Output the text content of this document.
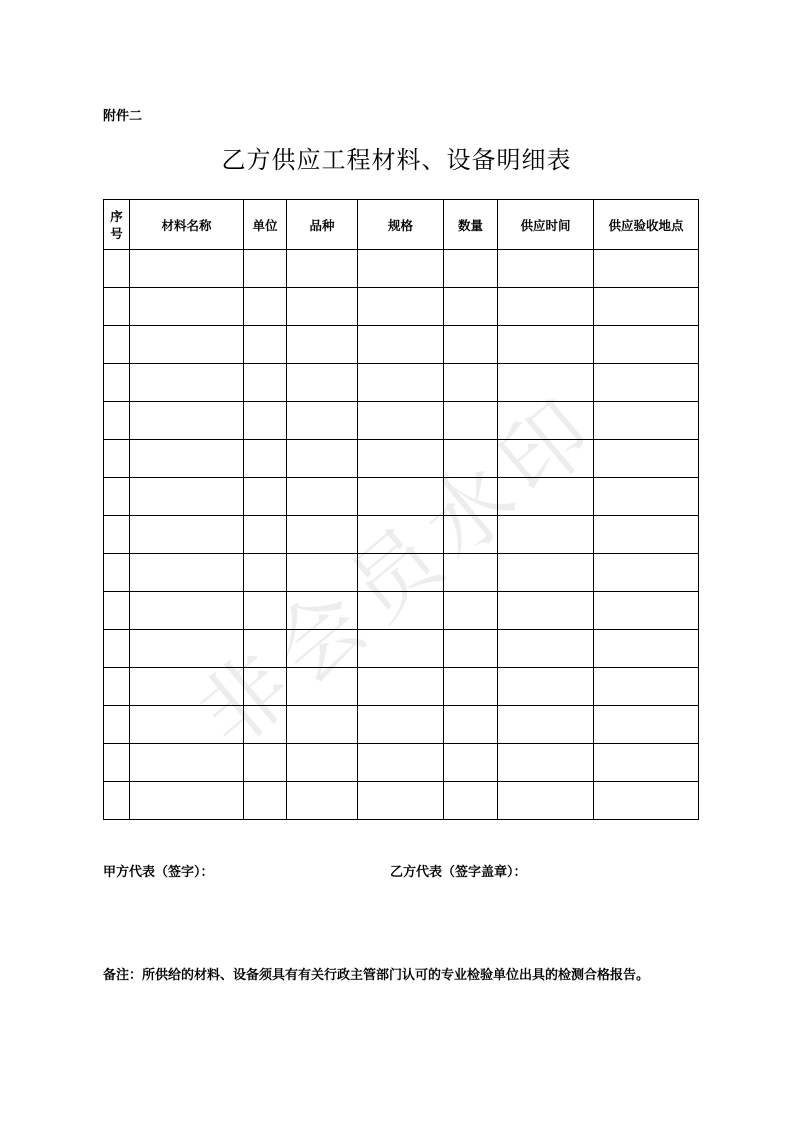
附件二
乙方供应工程材料、设备明细表
序号	材料名称	单位	品种	规格	数量	供应时间	供应验收地点

甲方代表（签字）：	乙方代表（签字盖章）：
备注：所供给的材料、设备须具有有关行政主管部门认可的专业检验单位出具的检测合格报告。
非会员水印
